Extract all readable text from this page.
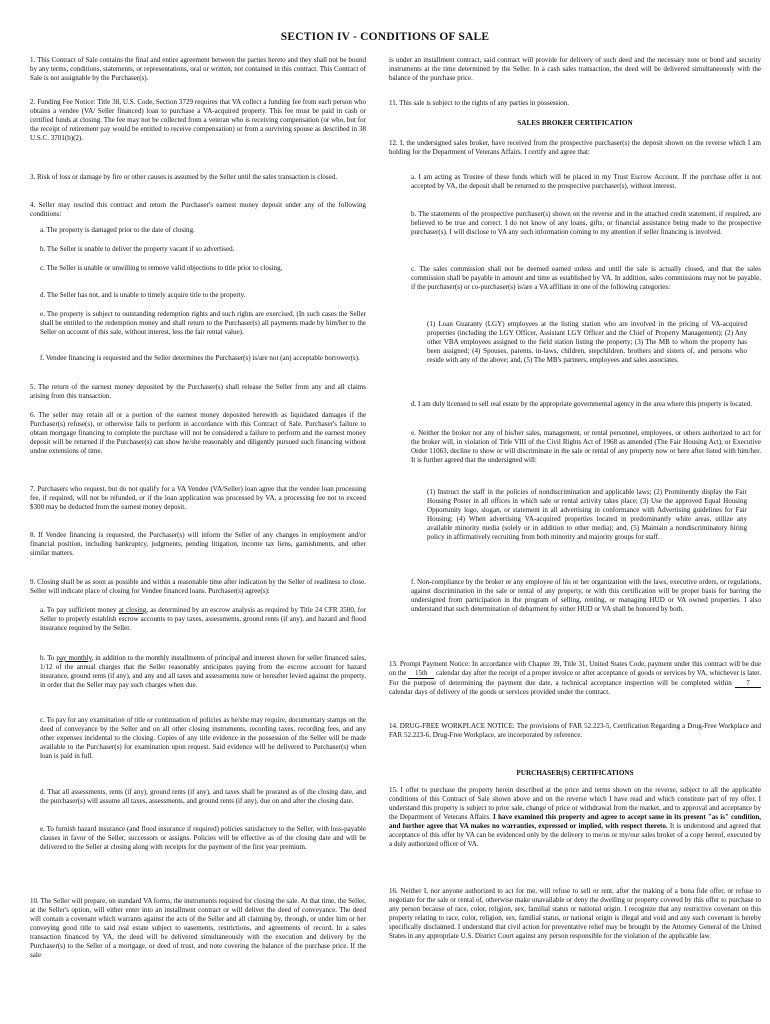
SECTION IV - CONDITIONS OF SALE

1. This Contract of Sale contains the final and entire agreement between the parties hereto and they shall not be bound by any terms, conditions, statements, or representations, oral or written, not contained in this contract. This Contract of Sale is not assignable by the Purchaser(s).

2. Funding Fee Notice: Title 38, U.S. Code, Section 3729 requires that VA collect a funding fee from each person who obtains a vendee (VA/ Seller financed) loan to purchase a VA-acquired property. This fee must be paid in cash or certified funds at closing. The fee may not be collected from a veteran who is receiving compensation (or who, but for the receipt of retirement pay would be entitled to receive compensation) or from a surviving spouse as described in 38 U.S.C. 3701(b)(2).

3. Risk of loss or damage by fire or other causes is assumed by the Seller until the sales transaction is closed.

4. Seller may rescind this contract and return the Purchaser's earnest money deposit under any of the following conditions:

a. The property is damaged prior to the date of closing.

b. The Seller is unable to deliver the property vacant if so advertised.

c. The Seller is unable or unwilling to remove valid objections to title prior to closing.

d. The Seller has not, and is unable to timely acquire title to the property.

e. The property is subject to outstanding redemption rights and such rights are exercised. (In such cases the Seller shall be entitled to the redemption money and shall return to the Purchaser(s) all payments made by him/her to the Seller on account of this sale, without interest, less the fair rental value).

f. Vendee financing is requested and the Seller determines the Purchaser(s) is/are not (an) acceptable borrower(s).

5. The return of the earnest money deposited by the Purchaser(s) shall release the Seller from any and all claims arising from this transaction.

6. The seller may retain all or a portion of the earnest money deposited herewith as liquidated damages if the Purchaser(s) refuse(s), or otherwise fails to perform in accordance with this Contract of Sale. Purchaser's failure to obtain mortgage financing to complete the purchase will not be considered a failure to perform and the earnest money deposit will be returned if the Purchaser(s) can show he/she reasonably and diligently pursued such financing without undue extensions of time.

7. Purchasers who request, but do not qualify for a VA Vendee (VA/Seller) loan agree that the vendee loan processing fee, if required, will not be refunded, or if the loan application was processed by VA, a processing fee not to exceed $300 may be deducted from the earnest money deposit.

8. If Vendee financing is requested, the Purchaser(s) will inform the Seller of any changes in employment and/or financial position, including bankruptcy, judgments, pending litigation, income tax liens, garnishments, and other similar matters.

9. Closing shall be as soon as possible and within a reasonable time after indication by the Seller of readiness to close. Seller will indicate place of closing for Vendee financed loans. Purchaser(s) agree(s):

a. To pay sufficient money at closing, as determined by an escrow analysis as required by Title 24 CFR 3500, for Seller to properly establish escrow accounts to pay taxes, assessments, ground rents (if any), and hazard and flood insurance required by the Seller.

b. To pay monthly, in addition to the monthly installments of principal and interest shown for seller financed sales, 1/12 of the annual charges that the Seller reasonably anticipates paying from the escrow account for hazard insurance, ground rents (if any), and any and all taxes and assessments now or hereafter levied against the property, in order that the Seller may pay such charges when due.

c. To pay for any examination of title or continuation of policies as he/she may require, documentary stamps on the deed of conveyance by the Seller and on all other closing instruments, recording taxes, recording fees, and any other expenses incidental to the closing. Copies of any title evidence in the possession of the Seller will be made available to the Purchaser(s) for examination upon request. Said evidence will be delivered to Purchaser(s) when loan is paid in full.

d. That all assessments, rents (if any), ground rents (if any), and taxes shall be prorated as of the closing date, and the purchaser(s) will assume all taxes, assessments, and ground rents (if any), due on and after the closing date.

e. To furnish hazard insurance (and flood insurance if required) policies satisfactory to the Seller, with loss-payable clauses in favor of the Seller, successors or assigns. Policies will be effective as of the closing date and will be delivered to the Seller at closing along with receipts for the payment of the first year premium.

10. The Seller will prepare, on standard VA forms, the instruments required for closing the sale. At that time, the Seller, at the Seller's option, will either enter into an installment contract or will deliver the deed of conveyance. The deed will contain a covenant which warrants against the acts of the Seller and all claiming by, through, or under him or her conveying good title to said real estate subject to easements, restrictions, and agreements of record. In a sales transaction financed by VA, the deed will be delivered simultaneously with the execution and delivery by the Purchaser(s) to the Seller of a mortgage, or deed of trust, and note covering the balance of the purchase price. If the sale

is under an installment contract, said contract will provide for delivery of such deed and the necessary note or bond and security instruments at the time determined by the Seller. In a cash sales transaction, the deed will be delivered simultaneously with the balance of the purchase price.

11. This sale is subject to the rights of any parties in possession.

SALES BROKER CERTIFICATION

12. I, the undersigned sales broker, have received from the prospective purchaser(s) the deposit shown on the reverse which I am holding for the Department of Veterans Affairs. I certify and agree that:

a. I am acting as Trustee of these funds which will be placed in my Trust Escrow Account. If the purchase offer is not accepted by VA, the deposit shall be returned to the prospective purchaser(s), without interest.

b. The statements of the prospective purchaser(s) shown on the reverse and in the attached credit statement, if required, are believed to be true and correct. I do not know of any loans, gifts, or financial assistance being made to the prospective purchaser(s). I will disclose to VA any such information coming to my attention if seller financing is involved.

c. The sales commission shall not be deemed earned unless and until the sale is actually closed, and that the sales commission shall be payable in amount and time as established by VA. In addition, sales commissions may not be payable, if the purchaser(s) or co-purchaser(s) is/are a VA affiliate in one of the following categories:

(1) Loan Guaranty (LGY) employees at the listing station who are involved in the pricing of VA-acquired properties (including the LGY Officer, Assistant LGY Officer and the Chief of Property Management); (2) Any other VBA employees assigned to the field station listing the property; (3) The MB to whom the property has been assigned; (4) Spouses, parents, in-laws, children, stepchildren, brothers and sisters of, and persons who reside with any of the above; and, (5) The MB's partners, employees and sales associates.

d. I am duly licensed to sell real estate by the appropriate governmental agency in the area where this property is located.

e. Neither the broker nor any of his/her sales, management, or rental personnel, employees, or others authorized to act for the broker will, in violation of Title VIII of the Civil Rights Act of 1968 as amended (The Fair Housing Act), or Executive Order 11063, decline to show or will discriminate in the sale or rental of any property now or here after listed with him/her. It is further agreed that the undersigned will:

(1) Instruct the staff in the policies of nondiscrimination and applicable laws; (2) Prominently display the Fair Housing Poster in all offices in which sale or rental activity takes place; (3) Use the approved Equal Housing Opportunity logo, slogan, or statement in all advertising in conformance with Advertising guidelines for Fair Housing; (4) When advertising VA-acquired properties located in predominantly white areas, utilize any available minority media (solely or in addition to other media); and, (5) Maintain a nondiscriminatory hiring policy in affirmatively recruiting from both minority and majority groups for staff.

f. Non-compliance by the broker or any employee of his or her organization with the laws, executive orders, or regulations, against discrimination in the sale or rental of any property, or with this certification will be proper basis for barring the undersigned from participation in the program of selling, renting, or managing HUD or VA owned properties. I also understand that such determination of debarment by either HUD or VA shall be honored by both.

13. Prompt Payment Notice: In accordance with Chapter 39, Title 31, United States Code, payment under this contract will be due on the 15th calendar day after the receipt of a proper invoice or after acceptance of goods or services by VA, whichever is later. For the purpose of determining the payment due date, a technical acceptance inspection will be completed within 7 calendar days of delivery of the goods or services provided under the contract.

14. DRUG-FREE WORKPLACE NOTICE: The provisions of FAR 52.223-5, Certification Regarding a Drug-Free Workplace and FAR 52.223-6, Drug-Free Workplace, are incorporated by reference.

PURCHASER(S) CERTIFICATIONS

15. I offer to purchase the property herein described at the price and terms shown on the reverse, subject to all the applicable conditions of this Contract of Sale shown above and on the reverse which I have read and which constitute part of my offer. I understand this property is subject to prior sale, change of price or withdrawal from the market, and to approval and acceptance by the Department of Veterans Affairs. I have examined this property and agree to accept same in its present "as is" condition, and further agree that VA makes no warranties, expressed or implied, with respect thereto. It is understood and agreed that acceptance of this offer by VA can be evidenced only by the delivery to me/us or my/our sales broker of a copy hereof, executed by a duly authorized officer of VA.

16. Neither I, nor anyone authorized to act for me, will refuse to sell or rent, after the making of a bona fide offer, or refuse to negotiate for the sale or rental of, otherwise make unavailable or deny the dwelling or property covered by this offer to purchase to any person because of race, color, religion, sex, familial status or national origin. I recognize that any restrictive covenant on this property relating to race, color, religion, sex, familial status, or national origin is illegal and void and any such covenant is hereby specifically disclaimed. I understand that civil action for preventative relief may be brought by the Attorney General of the United States in any appropriate U.S. District Court against any person responsible for the violation of the applicable law.
